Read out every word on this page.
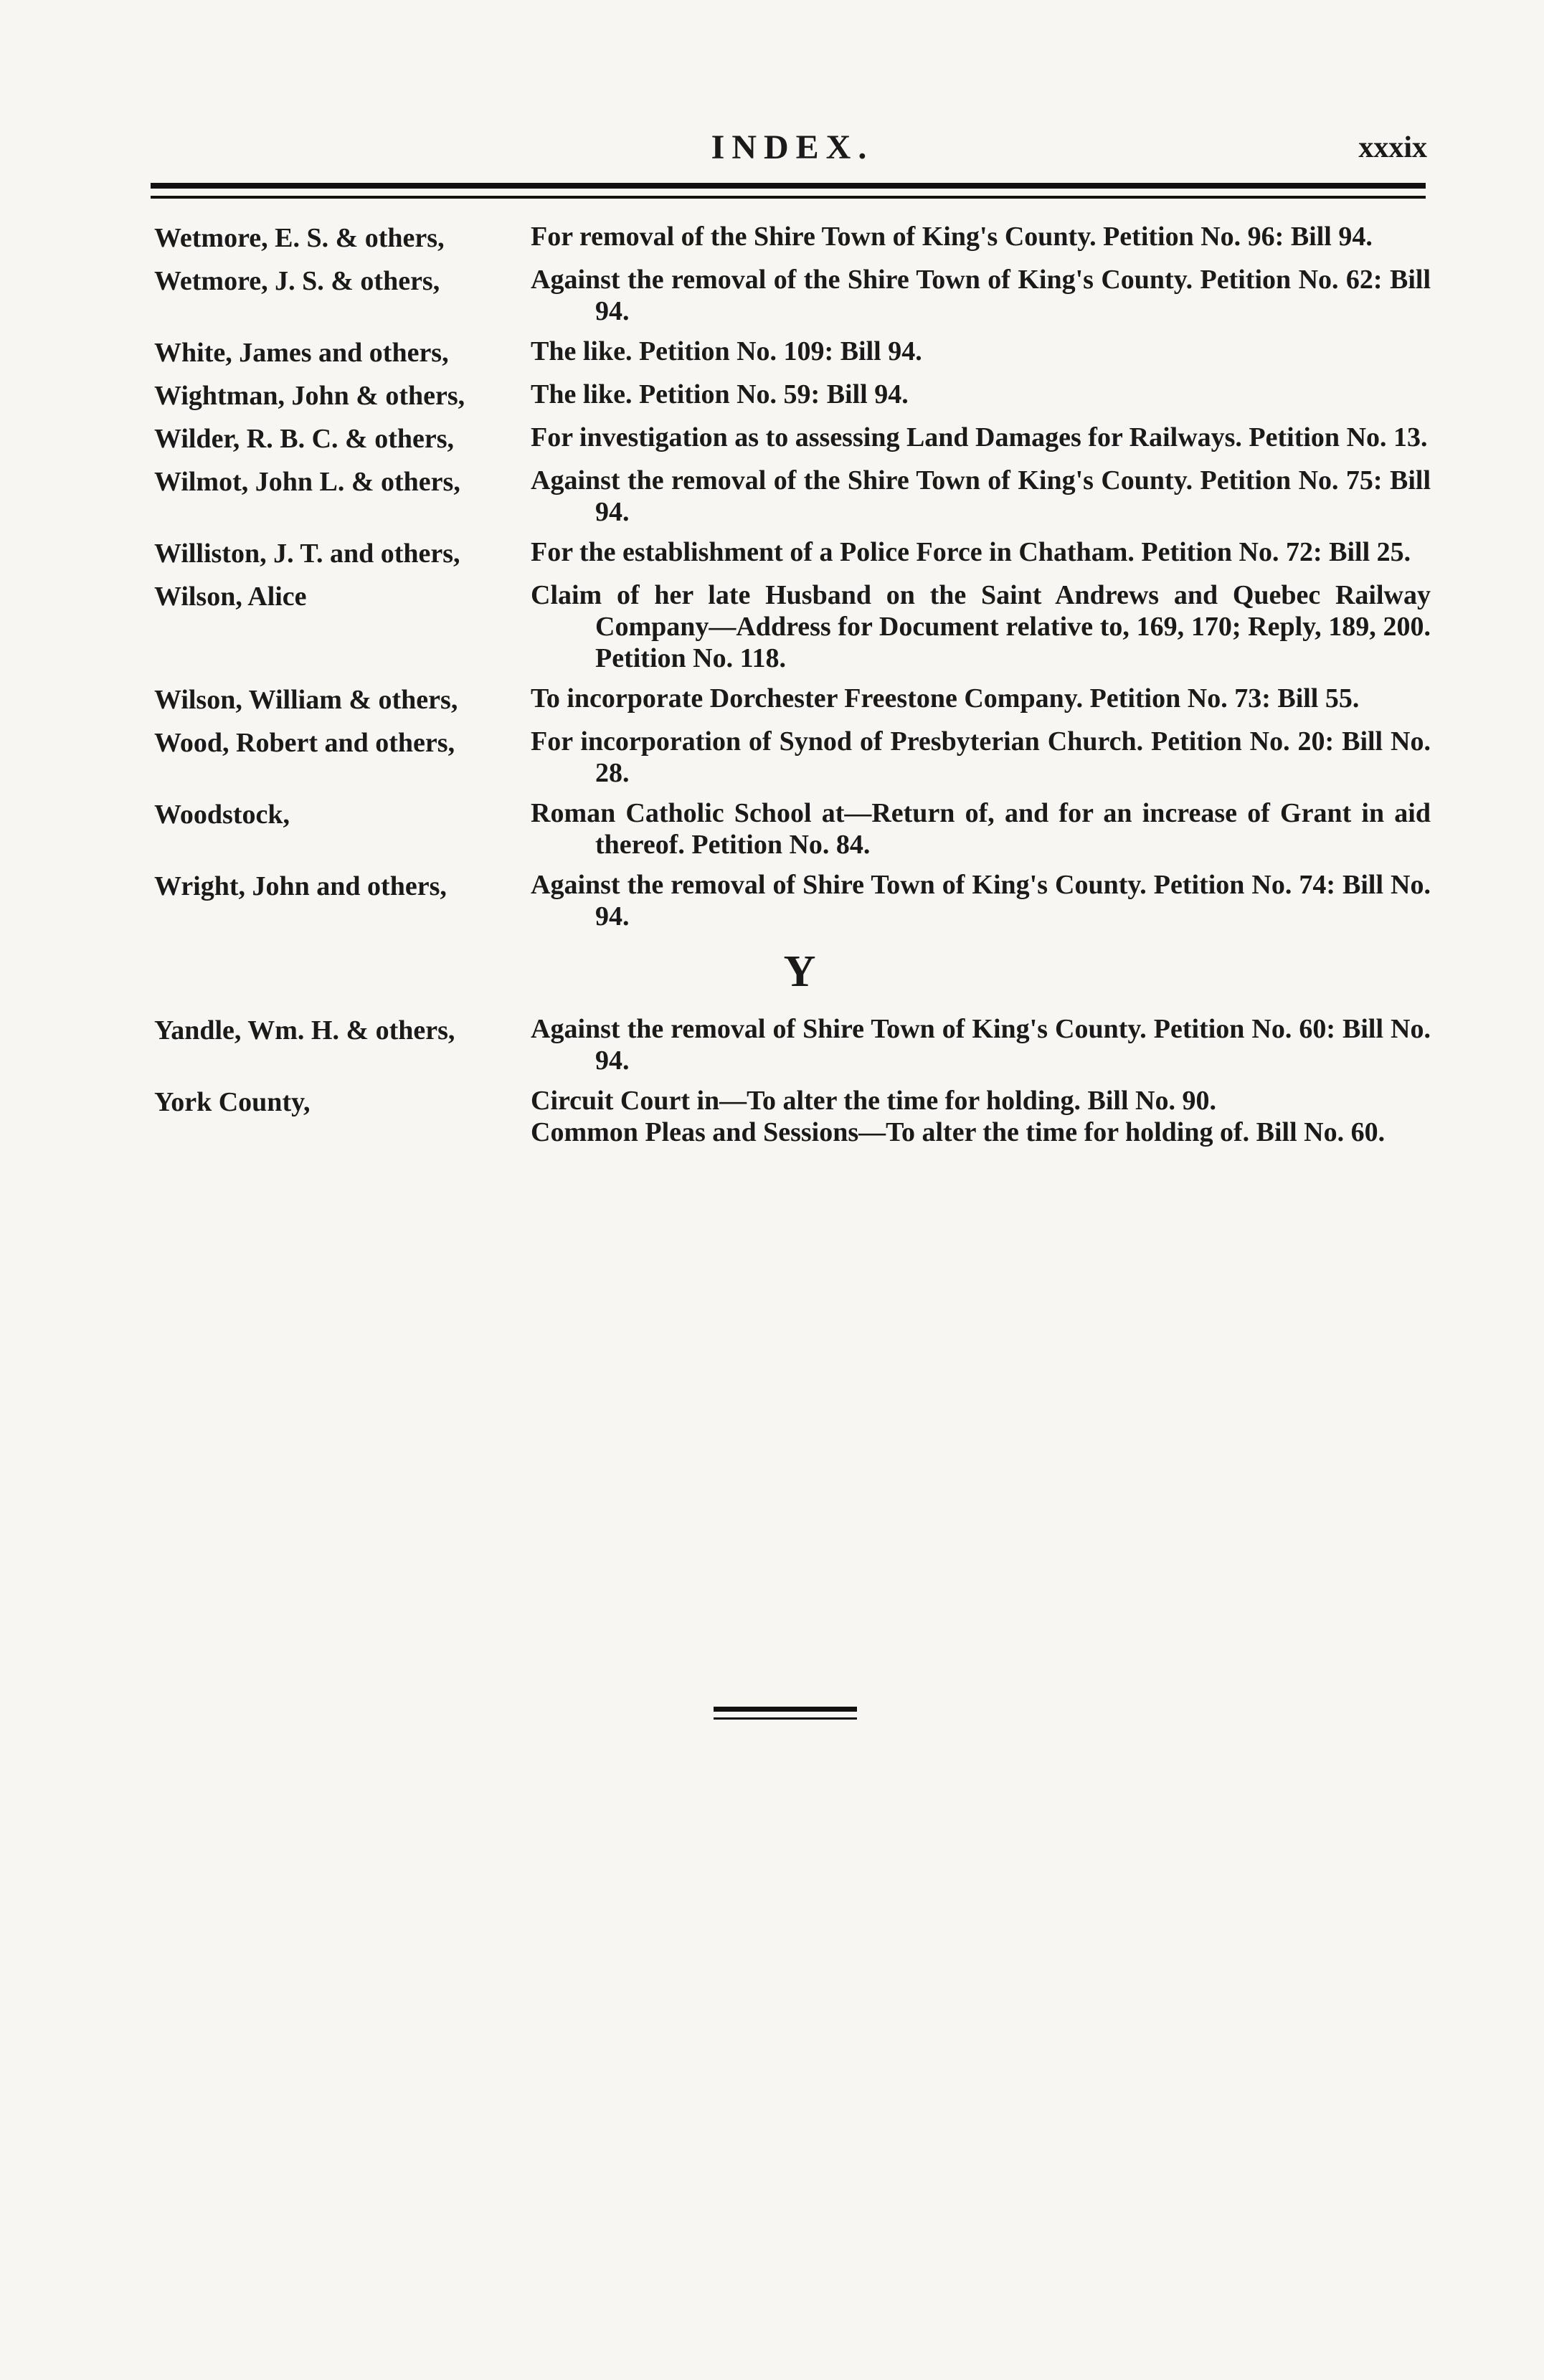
INDEX.	xxxix
Wetmore, E. S. & others,	For removal of the Shire Town of King's County. Petition No. 96: Bill 94.
Wetmore, J. S. & others,	Against the removal of the Shire Town of King's County. Petition No. 62: Bill 94.
White, James and others,	The like. Petition No. 109: Bill 94.
Wightman, John & others,	The like. Petition No. 59: Bill 94.
Wilder, R. B. C. & others,	For investigation as to assessing Land Damages for Railways. Petition No. 13.
Wilmot, John L. & others,	Against the removal of the Shire Town of King's County. Petition No. 75: Bill 94.
Williston, J. T. and others,	For the establishment of a Police Force in Chatham. Petition No. 72: Bill 25.
Wilson, Alice	Claim of her late Husband on the Saint Andrews and Quebec Railway Company—Address for Document relative to, 169, 170; Reply, 189, 200. Petition No. 118.
Wilson, William & others,	To incorporate Dorchester Freestone Company. Petition No. 73: Bill 55.
Wood, Robert and others,	For incorporation of Synod of Presbyterian Church. Petition No. 20: Bill No. 28.
Woodstock,	Roman Catholic School at—Return of, and for an increase of Grant in aid thereof. Petition No. 84.
Wright, John and others,	Against the removal of Shire Town of King's County. Petition No. 74: Bill No. 94.
Y
Yandle, Wm. H. & others,	Against the removal of Shire Town of King's County. Petition No. 60: Bill No. 94.
York County,	Circuit Court in—To alter the time for holding. Bill No. 90.
Common Pleas and Sessions—To alter the time for holding of. Bill No. 60.
